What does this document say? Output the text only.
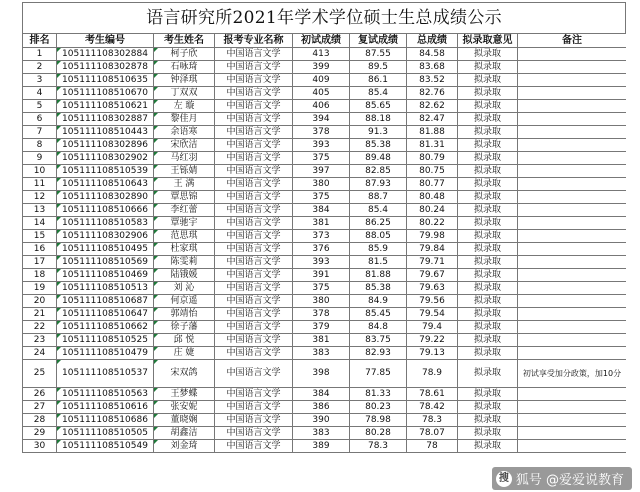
语言研究所2021年学术学位硕士生总成绩公示
排名	考生编号	考生姓名	报考专业名称	初试成绩	复试成绩	总成绩	拟录取意见	备注
1	105111108302884	柯子欣	中国语言文学	413	87.55	84.58	拟录取	
2	105111108302878	石咏琦	中国语言文学	399	89.5	83.68	拟录取	
3	105111108510635	钟泽琪	中国语言文学	409	86.1	83.52	拟录取	
4	105111108510670	丁双双	中国语言文学	405	85.4	82.76	拟录取	
5	105111108510621	左 璇	中国语言文学	406	85.65	82.62	拟录取	
6	105111108302887	黎佳月	中国语言文学	394	88.18	82.47	拟录取	
7	105111108510443	余语寒	中国语言文学	378	91.3	81.88	拟录取	
8	105111108302896	宋欣洁	中国语言文学	393	85.38	81.31	拟录取	
9	105111108302902	马红羽	中国语言文学	375	89.48	80.79	拟录取	
10	105111108510539	王铄婧	中国语言文学	397	82.85	80.75	拟录取	
11	105111108510643	王 满	中国语言文学	380	87.93	80.77	拟录取	
12	105111108302890	覃思锦	中国语言文学	375	88.7	80.48	拟录取	
13	105111108510666	李红蕾	中国语言文学	384	85.4	80.24	拟录取	
14	105111108510583	覃驰宇	中国语言文学	381	86.25	80.22	拟录取	
15	105111108302906	范思琪	中国语言文学	373	88.05	79.98	拟录取	
16	105111108510495	杜家琪	中国语言文学	376	85.9	79.84	拟录取	
17	105111108510569	陈雯莉	中国语言文学	393	81.5	79.71	拟录取	
18	105111108510469	陆锇媛	中国语言文学	391	81.88	79.67	拟录取	
19	105111108510513	刘 沁	中国语言文学	375	85.38	79.63	拟录取	
20	105111108510687	何京遥	中国语言文学	380	84.9	79.56	拟录取	
21	105111108510647	郭靖怡	中国语言文学	378	85.45	79.54	拟录取	
22	105111108510662	徐子藩	中国语言文学	379	84.8	79.4	拟录取	
23	105111108510525	邱 悦	中国语言文学	381	83.75	79.22	拟录取	
24	105111108510479	庄 婕	中国语言文学	383	82.93	79.13	拟录取	
25	105111108510537	宋双鸽	中国语言文学	398	77.85	78.9	拟录取	初试享受加分政策，加10分
26	105111108510563	王梦蝶	中国语言文学	384	81.33	78.61	拟录取	
27	105111108510616	张安妮	中国语言文学	386	80.23	78.42	拟录取	
28	105111108510686	董晓娴	中国语言文学	390	78.98	78.3	拟录取	
29	105111108510505	胡鑫洁	中国语言文学	383	80.28	78.07	拟录取	
30	105111108510549	刘金琦	中国语言文学	389	78.3	78	拟录取	
搜 狐号 @爱爱说教育
